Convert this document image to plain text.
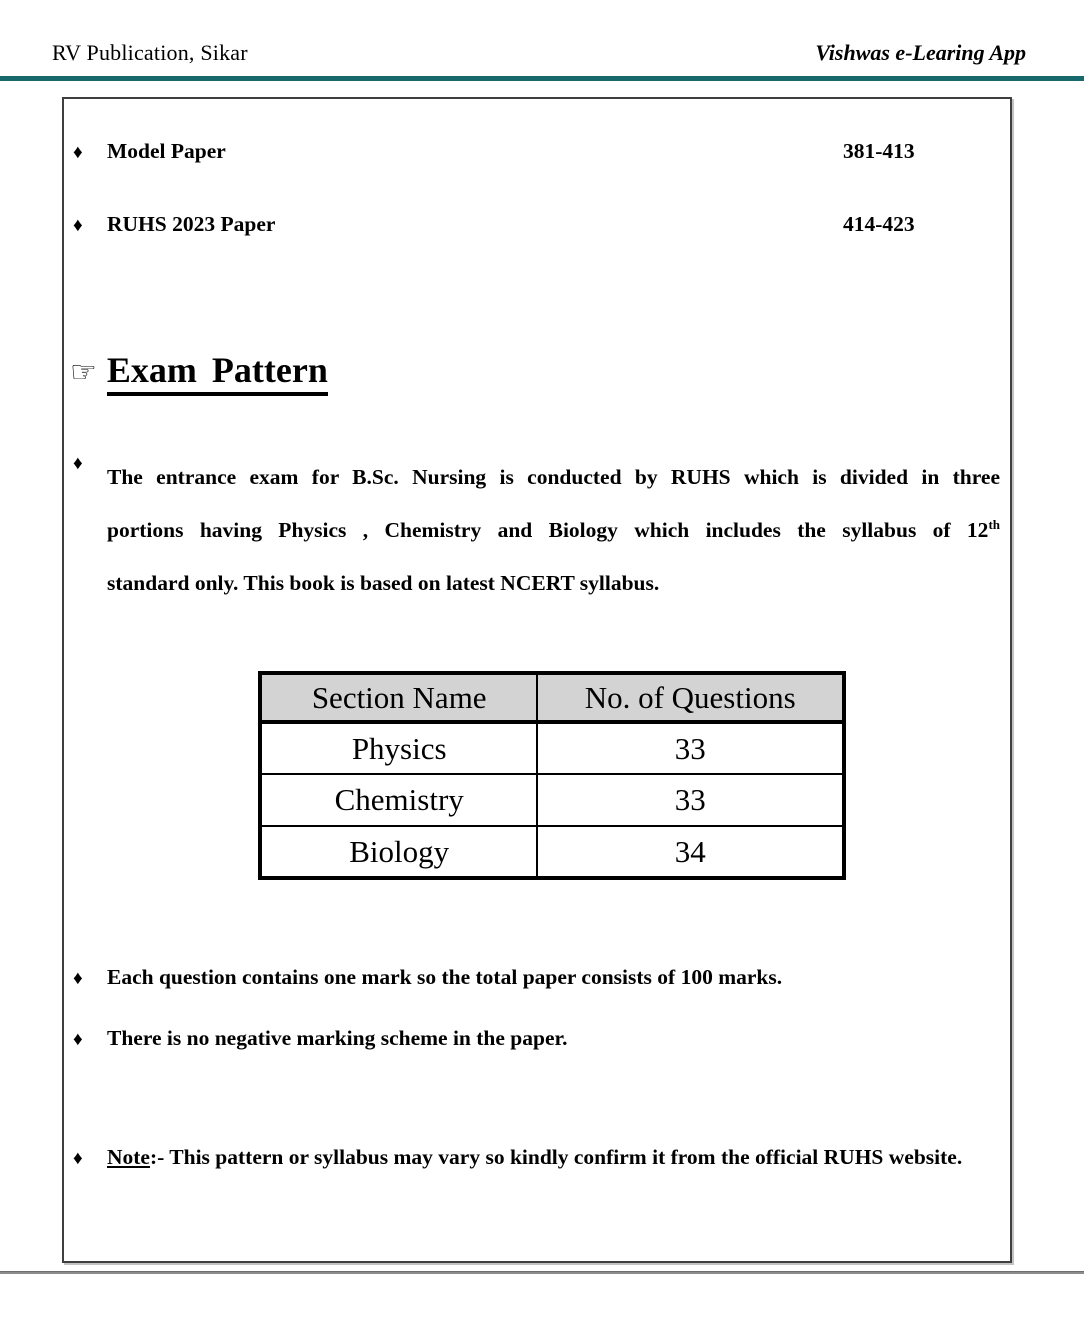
RV Publication, Sikar	Vishwas e-Learing App
♦	Model Paper	381-413
♦	RUHS 2023 Paper	414-423
☞ Exam Pattern
♦
The entrance exam for B.Sc. Nursing is conducted by RUHS which is divided in three
portions having Physics , Chemistry and Biology which includes the syllabus of 12th
standard only. This book is based on latest NCERT syllabus.
Section Name	No. of Questions
Physics	33
Chemistry	33
Biology	34
♦	Each question contains one mark so the total paper consists of 100 marks.
♦	There is no negative marking scheme in the paper.
♦	Note:- This pattern or syllabus may vary so kindly confirm it from the official RUHS website.
